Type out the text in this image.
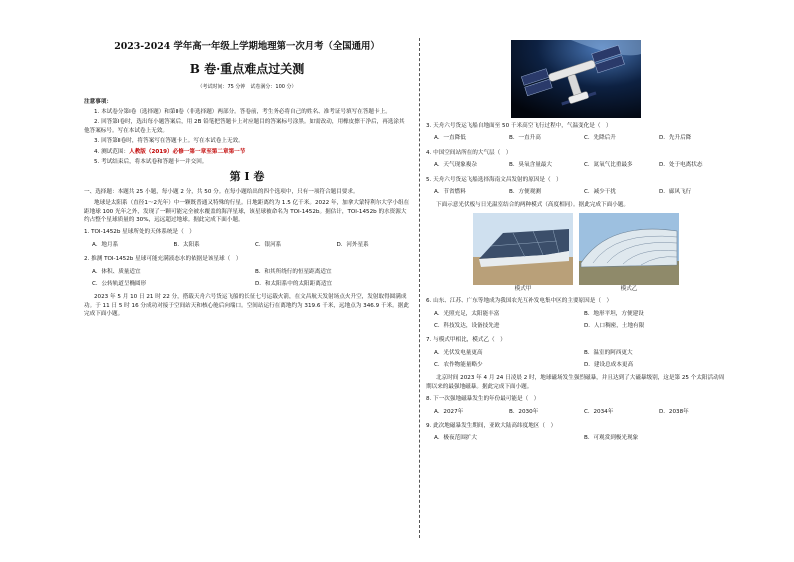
2023-2024 学年高一年级上学期地理第一次月考（全国通用）
B 卷·重点难点过关测
（考试时间：75 分钟　试卷满分：100 分）
注意事项：
1. 本试卷分第Ⅰ卷（选择题）和第Ⅱ卷（非选择题）两部分。答卷前，考生务必将自己的姓名、准考证号填写在答题卡上。
2. 回答第Ⅰ卷时，选出每小题答案后，用 2B 铅笔把答题卡上对应题目的答案标号涂黑。如需改动，用橡皮擦干净后，再选涂其他答案标号。写在本试卷上无效。
3. 回答第Ⅱ卷时，将答案写在答题卡上。写在本试卷上无效。
4. 测试范围：人教版（2019）必修一第一章至第二章第一节
5. 考试结束后，将本试卷和答题卡一并交回。
第 Ⅰ 卷
一、选择题：本题共 25 小题，每小题 2 分，共 50 分。在每小题给出的四个选项中，只有一项符合题目要求。
地球是太阳系（直径1～2光年）中一颗既普通又特殊的行星。日地距离约为 1.5 亿千米。2022 年，加拿大蒙特利尔大学小组在距地球 100 光年之外，发现了一颗可能完全被水覆盖的海洋星球，该星球被命名为 TOI-1452b。据估计，TOI-1452b 的水资源大约占整个星球质量的 30%，远远超过地球。据此完成下面小题。
1. TOI-1452b 星球所处的天体系统是（　）
A．地月系	B．太阳系	C．银河系	D．河外星系
2. 推测 TOI-1452b 星球可能充满液态水的依据是该星球（　）
A．体积、质量适宜	B．和其所绕行的恒星距离适宜
C．公转轨道呈椭圆形	D．和太阳系中的太阳距离适宜
2023 年 5 月 10 日 21 时 22 分，搭载天舟六号货运飞船的长征七号运载火箭，在文昌航天发射场点火升空，发射取得圆满成功。于 11 日 5 时 16 分成功对接于空间站天和核心舱后向端口。空间站运行在离地约为 319.6 千米，远地点为 346.9 千米。据此完成下面小题。
3. 天舟六号货运飞船自地面至 50 千米高空飞行过程中，气温变化是（　）
A．一直降低	B．一直升高	C．先降后升	D．先升后降
4. 中国空间站所在的大气层（　）
A．天气现象複杂	B．臭氧含量最大	C．氮氧气比重最多	D．处于电离状态
5. 天舟六号货运飞船选择海南文昌发射的原因是（　）
A．节省燃料	B．方便观测	C．减少干扰	D．廊风飞行
下面示意光伏板与日光温室结合的两种模式（高度相同）。据此完成下面小题。
模式甲	模式乙
6. 山东、江苏、广东等地成为我国农光互补发电集中区的主要原因是（　）
A．光照充足，太阳能丰富	B．地形平坦，方便建设
C．科技发达，设备技先进	D．人口稠密，土地有限
7. 与模式甲相比，模式乙（　）
A．光伏发电量更高	B．温室的阿西更大
C．农作物能量略少	D．建设总成本更高
北京时间 2023 年 4 月 24 日凌晨 2 时，地球磁场发生强烈磁暴，并且达到了大磁暴级别，这是第 25 个太阳活动周期以来的最强地磁暴。据此完成下面小题。
8. 下一次强地磁暴发生的年份最可能是（　）
A．2027年	B．2030年	C．2034年	D．2038年
9. 此次地磁暴发生期间，亚欧大陆高纬度地区（　）
A．极夜范围扩大	B．可观赏到极光现象
